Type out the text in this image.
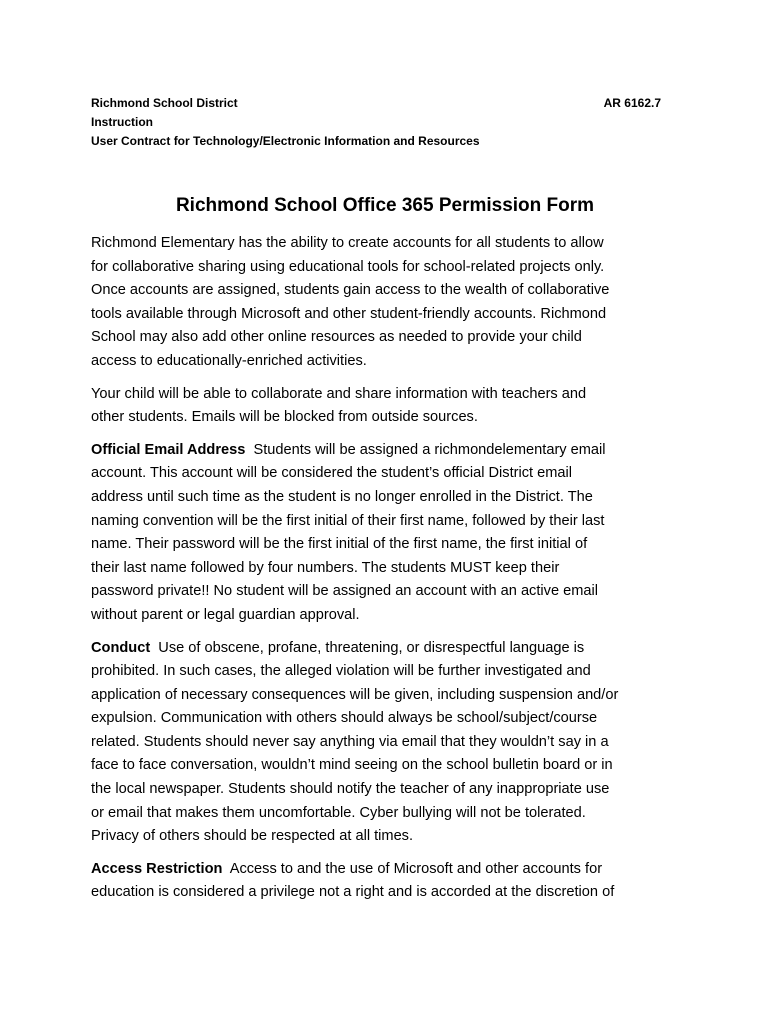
Richmond School District	AR 6162.7
Instruction
User Contract for Technology/Electronic Information and Resources
Richmond School Office 365 Permission Form
Richmond Elementary has the ability to create accounts for all students to allow
for collaborative sharing using educational tools for school-related projects only.
Once accounts are assigned, students gain access to the wealth of collaborative
tools available through Microsoft and other student-friendly accounts. Richmond
School may also add other online resources as needed to provide your child
access to educationally-enriched activities.
Your child will be able to collaborate and share information with teachers and
other students. Emails will be blocked from outside sources.
Official Email Address  Students will be assigned a richmondelementary email
account. This account will be considered the student’s official District email
address until such time as the student is no longer enrolled in the District. The
naming convention will be the first initial of their first name, followed by their last
name. Their password will be the first initial of the first name, the first initial of
their last name followed by four numbers. The students MUST keep their
password private!! No student will be assigned an account with an active email
without parent or legal guardian approval.
Conduct  Use of obscene, profane, threatening, or disrespectful language is
prohibited. In such cases, the alleged violation will be further investigated and
application of necessary consequences will be given, including suspension and/or
expulsion. Communication with others should always be school/subject/course
related. Students should never say anything via email that they wouldn’t say in a
face to face conversation, wouldn’t mind seeing on the school bulletin board or in
the local newspaper. Students should notify the teacher of any inappropriate use
or email that makes them uncomfortable. Cyber bullying will not be tolerated.
Privacy of others should be respected at all times.
Access Restriction  Access to and the use of Microsoft and other accounts for
education is considered a privilege not a right and is accorded at the discretion of
